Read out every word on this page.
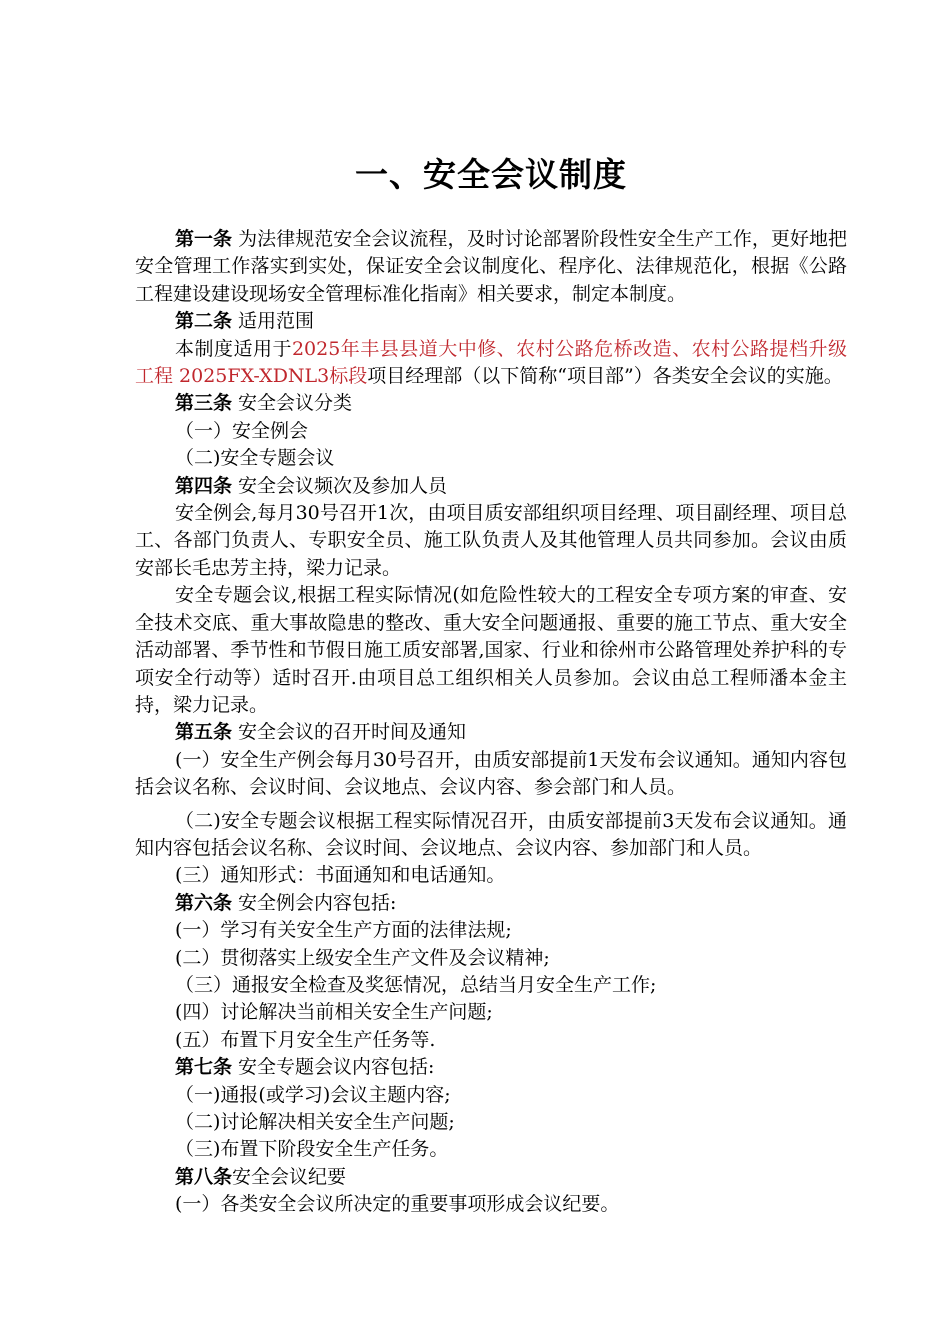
一、安全会议制度

第一条 为法律规范安全会议流程，及时讨论部署阶段性安全生产工作，更好地把安全管理工作落实到实处，保证安全会议制度化、程序化、法律规范化，根据《公路工程建设建设现场安全管理标准化指南》相关要求，制定本制度。

第二条 适用范围

本制度适用于2025年丰县县道大中修、农村公路危桥改造、农村公路提档升级工程 2025FX-XDNL3标段项目经理部（以下简称“项目部”）各类安全会议的实施。

第三条 安全会议分类

（一）安全例会

（二)安全专题会议

第四条 安全会议频次及参加人员

安全例会,每月30号召开1次，由项目质安部组织项目经理、项目副经理、项目总工、各部门负责人、专职安全员、施工队负责人及其他管理人员共同参加。会议由质安部长毛忠芳主持，梁力记录。

安全专题会议,根据工程实际情况(如危险性较大的工程安全专项方案的审查、安全技术交底、重大事故隐患的整改、重大安全问题通报、重要的施工节点、重大安全活动部署、季节性和节假日施工质安部署,国家、行业和徐州市公路管理处养护科的专项安全行动等）适时召开.由项目总工组织相关人员参加。会议由总工程师潘本金主持，梁力记录。

第五条 安全会议的召开时间及通知

(一）安全生产例会每月30号召开，由质安部提前1天发布会议通知。通知内容包括会议名称、会议时间、会议地点、会议内容、参会部门和人员。

（二)安全专题会议根据工程实际情况召开，由质安部提前3天发布会议通知。通知内容包括会议名称、会议时间、会议地点、会议内容、参加部门和人员。

(三）通知形式：书面通知和电话通知。

第六条 安全例会内容包括:

(一）学习有关安全生产方面的法律法规;

(二）贯彻落实上级安全生产文件及会议精神;

（三）通报安全检查及奖惩情况，总结当月安全生产工作;

(四）讨论解决当前相关安全生产问题;

(五）布置下月安全生产任务等.

第七条 安全专题会议内容包括:

（一)通报(或学习)会议主题内容;

（二)讨论解决相关安全生产问题;

（三)布置下阶段安全生产任务。

第八条安全会议纪要

(一）各类安全会议所决定的重要事项形成会议纪要。
